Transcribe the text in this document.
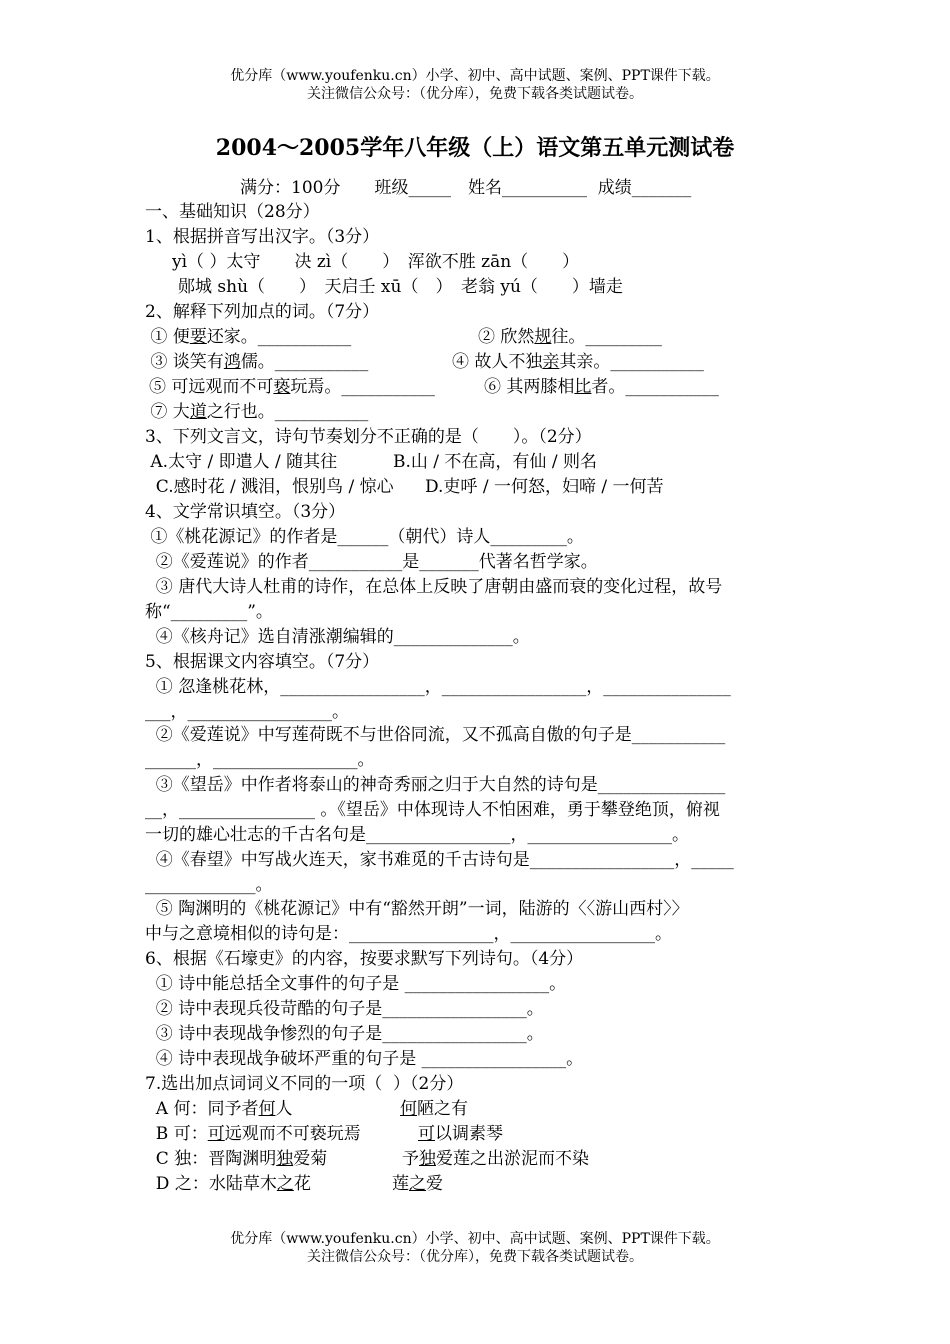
优分库（www.youfenku.cn）小学、初中、高中试题、案例、PPT课件下载。
关注微信公众号：（优分库），免费下载各类试题试卷。
2004～2005学年八年级（上）语文第五单元测试卷
满分：100分　　班级_____　姓名__________  成绩_______
一、基础知识（28分）
1、根据拼音写出汉字。（3分）
yì（ ）太守　　决 zì（　　）　浑欲不胜 zān（　　）
郧城 shù（　　）　天启壬 xū（　）　老翁 yú（　　）墙走
2、解释下列加点的词。（7分）
① 便要还家。___________	② 欣然规往。_________
③ 谈笑有鸿儒。___________	④ 故人不独亲其亲。___________
⑤ 可远观而不可亵玩焉。___________	⑥ 其两膝相比者。___________
⑦ 大道之行也。___________
3、下列文言文，诗句节奏划分不正确的是（　　）。（2分）
A.太守 / 即遣人 / 随其往	B.山 / 不在高，有仙 / 则名
C.感时花 / 溅泪，恨别鸟 / 惊心	D.吏呼 / 一何怒，妇啼 / 一何苦
4、文学常识填空。（3分）
①《桃花源记》的作者是______（朝代）诗人_________。
②《爱莲说》的作者___________是_______代著名哲学家。
③ 唐代大诗人杜甫的诗作，在总体上反映了唐朝由盛而衰的变化过程，故号
称“_________”。
④《核舟记》选自清涨潮编辑的______________。
5、根据课文内容填空。（7分）
① 忽逢桃花林，_________________，_________________，_______________
___，_________________。
②《爱莲说》中写莲荷既不与世俗同流，又不孤高自傲的句子是___________
______，_________________。
③《望岳》中作者将泰山的神奇秀丽之归于大自然的诗句是_______________
__，________________ 。《望岳》中体现诗人不怕困难，勇于攀登绝顶，俯视
一切的雄心壮志的千古名句是_________________，_________________。
④《春望》中写战火连天，家书难觅的千古诗句是_________________，_____
_____________。
⑤ 陶渊明的《桃花源记》中有“豁然开朗”一词，陆游的〈〈游山西村〉〉
中与之意境相似的诗句是：_________________，_________________。
6、根据《石壕吏》的内容，按要求默写下列诗句。（4分）
① 诗中能总括全文事件的句子是 _________________。
② 诗中表现兵役苛酷的句子是_________________。
③ 诗中表现战争惨烈的句子是_________________。
④ 诗中表现战争破坏严重的句子是 _________________。
7.选出加点词词义不同的一项（  ）（2分）
A 何：同予者何人	何陋之有
B 可：可远观而不可亵玩焉	可以调素琴
C 独：晋陶渊明独爱菊	予独爱莲之出淤泥而不染
D 之：水陆草木之花	莲之爱
优分库（www.youfenku.cn）小学、初中、高中试题、案例、PPT课件下载。
关注微信公众号：（优分库），免费下载各类试题试卷。
